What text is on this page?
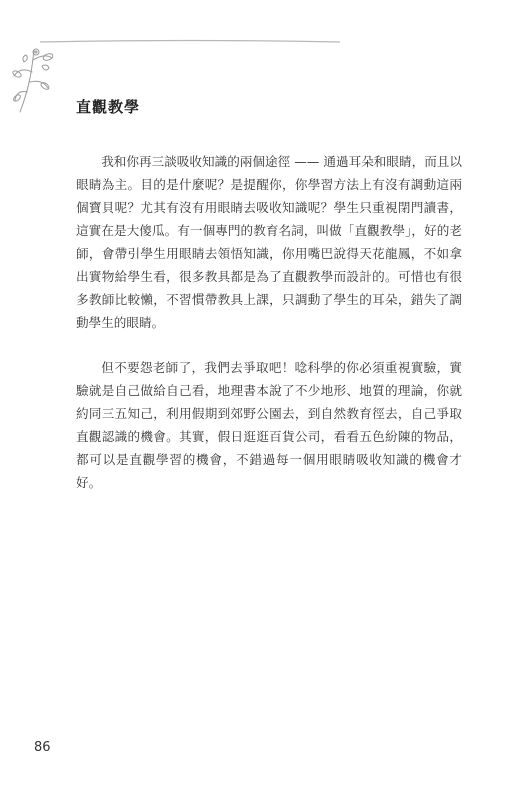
直觀教學

我和你再三談吸收知識的兩個途徑 —— 通過耳朵和眼睛，而且以眼睛為主。目的是什麼呢？是提醒你，你學習方法上有沒有調動這兩個寶貝呢？尤其有沒有用眼睛去吸收知識呢？學生只重視閉門讀書，這實在是大傻瓜。有一個專門的教育名詞，叫做「直觀教學」，好的老師，會帶引學生用眼睛去領悟知識，你用嘴巴說得天花龍鳳，不如拿出實物給學生看，很多教具都是為了直觀教學而設計的。可惜也有很多教師比較懶，不習慣帶教具上課，只調動了學生的耳朵，錯失了調動學生的眼睛。

但不要怨老師了，我們去爭取吧！唸科學的你必須重視實驗，實驗就是自己做給自己看，地理書本說了不少地形、地質的理論，你就約同三五知己，利用假期到郊野公園去，到自然教育徑去，自己爭取直觀認識的機會。其實，假日逛逛百貨公司，看看五色紛陳的物品，都可以是直觀學習的機會，不錯過每一個用眼睛吸收知識的機會才好。

86
